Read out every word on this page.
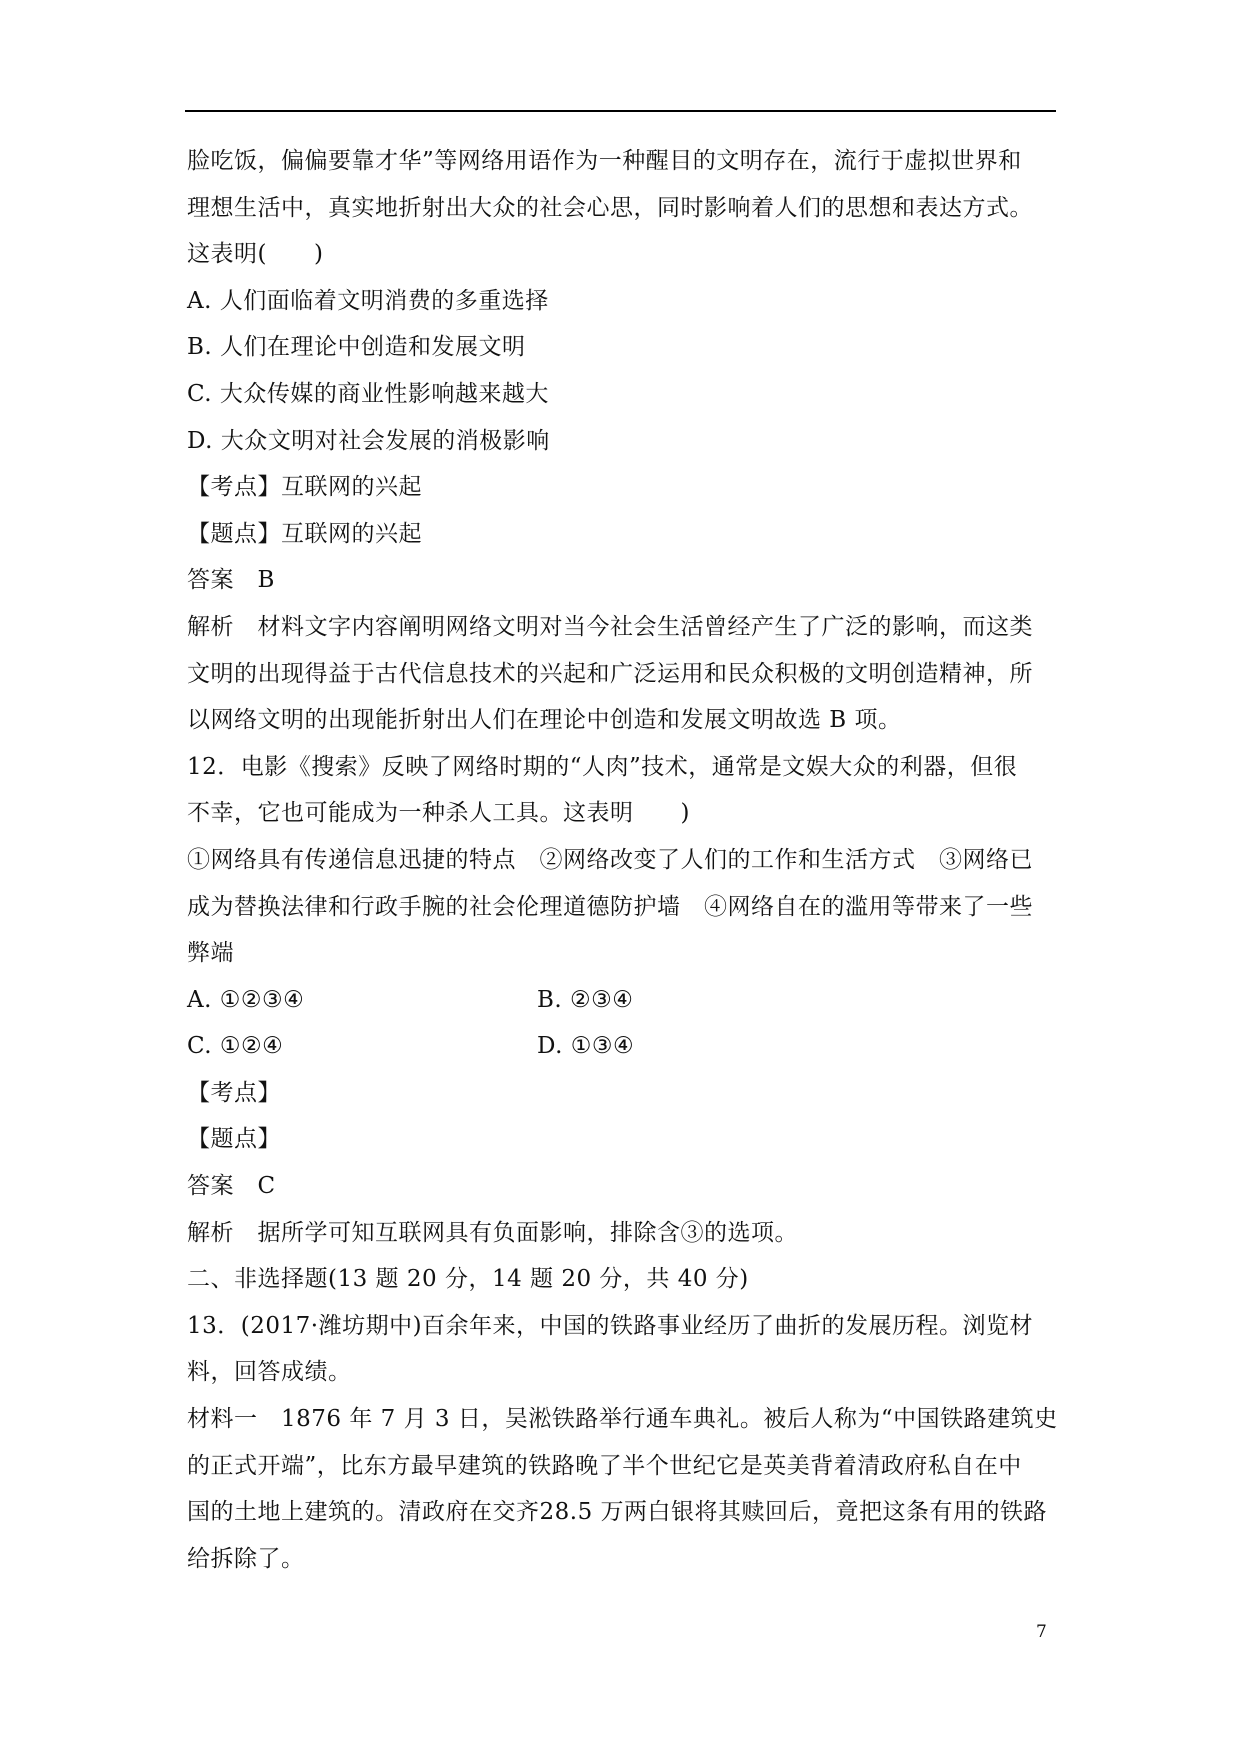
脸吃饭，偏偏要靠才华”等网络用语作为一种醒目的文明存在，流行于虚拟世界和
理想生活中，真实地折射出大众的社会心思，同时影响着人们的思想和表达方式。
这表明(　　)
A. 人们面临着文明消费的多重选择
B. 人们在理论中创造和发展文明
C. 大众传媒的商业性影响越来越大
D. 大众文明对社会发展的消极影响
【考点】互联网的兴起
【题点】互联网的兴起
答案　B
解析　材料文字内容阐明网络文明对当今社会生活曾经产生了广泛的影响，而这类
文明的出现得益于古代信息技术的兴起和广泛运用和民众积极的文明创造精神，所
以网络文明的出现能折射出人们在理论中创造和发展文明故选 B 项。
12．电影《搜索》反映了网络时期的“人肉”技术，通常是文娱大众的利器，但很
不幸，它也可能成为一种杀人工具。这表明　　)
①网络具有传递信息迅捷的特点　②网络改变了人们的工作和生活方式　③网络已
成为替换法律和行政手腕的社会伦理道德防护墙　④网络自在的滥用等带来了一些
弊端
A. ①②③④	B. ②③④
C. ①②④	D. ①③④
【考点】
【题点】
答案　C
解析　据所学可知互联网具有负面影响，排除含③的选项。
二、非选择题(13 题 20 分，14 题 20 分，共 40 分)
13．(2017·潍坊期中)百余年来，中国的铁路事业经历了曲折的发展历程。浏览材
料，回答成绩。
材料一　1876 年 7 月 3 日，吴淞铁路举行通车典礼。被后人称为“中国铁路建筑史
的正式开端”，比东方最早建筑的铁路晚了半个世纪它是英美背着清政府私自在中
国的土地上建筑的。清政府在交齐28.5 万两白银将其赎回后，竟把这条有用的铁路
给拆除了。
7
